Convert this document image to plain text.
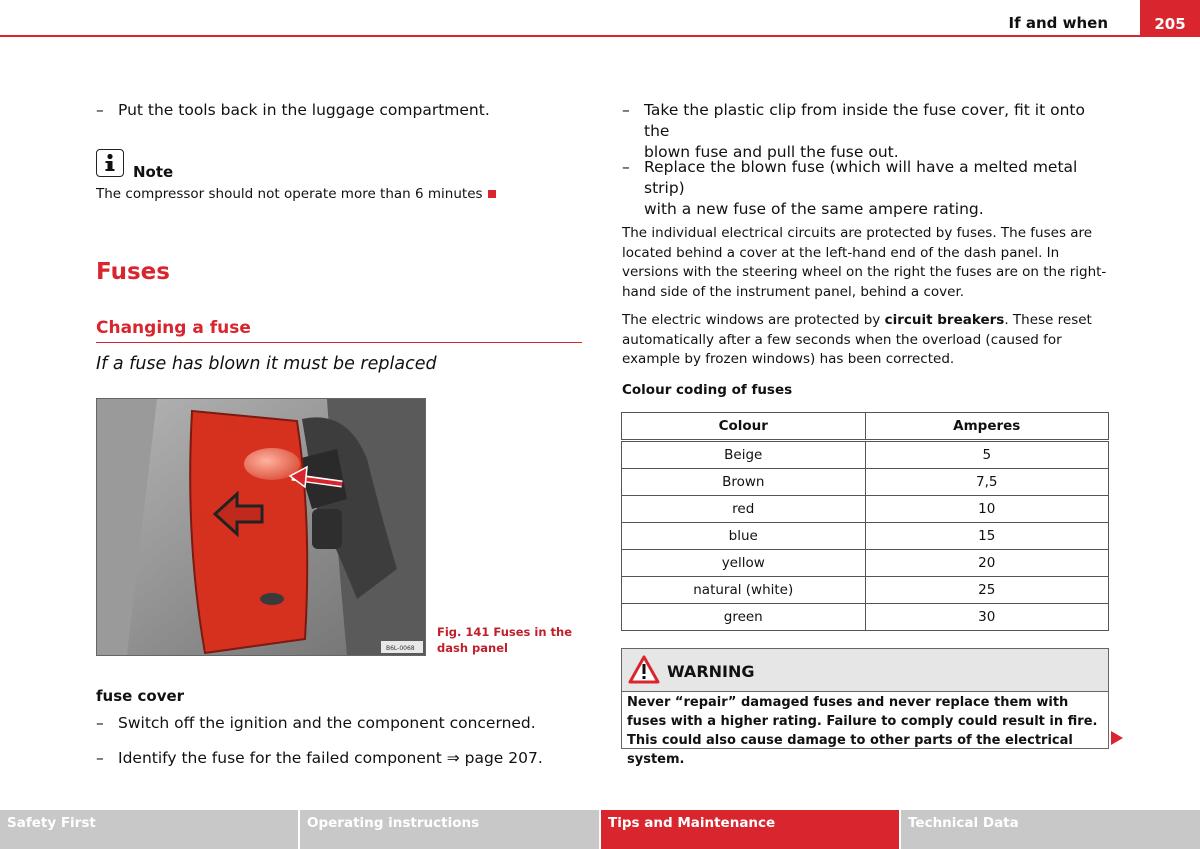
If and when	205
– Put the tools back in the luggage compartment.
Note
The compressor should not operate more than 6 minutes
Fuses
Changing a fuse
If a fuse has blown it must be replaced
B6L-0068
Fig. 141 Fuses in the
dash panel
fuse cover
– Switch off the ignition and the component concerned.
– Identify the fuse for the failed component ⇒ page 207.
– Take the plastic clip from inside the fuse cover, fit it onto the
blown fuse and pull the fuse out.
– Replace the blown fuse (which will have a melted metal strip)
with a new fuse of the same ampere rating.
The individual electrical circuits are protected by fuses. The fuses are located behind a cover at the left-hand end of the dash panel. In versions with the steering wheel on the right the fuses are on the right-hand side of the instrument panel, behind a cover.
The electric windows are protected by circuit breakers. These reset automatically after a few seconds when the overload (caused for example by frozen windows) has been corrected.
Colour coding of fuses
Colour	Amperes
Beige	5
Brown	7,5
red	10
blue	15
yellow	20
natural (white)	25
green	30
WARNING
Never “repair” damaged fuses and never replace them with fuses with a higher rating. Failure to comply could result in fire. This could also cause damage to other parts of the electrical system.
Safety First	Operating instructions	Tips and Maintenance	Technical Data
